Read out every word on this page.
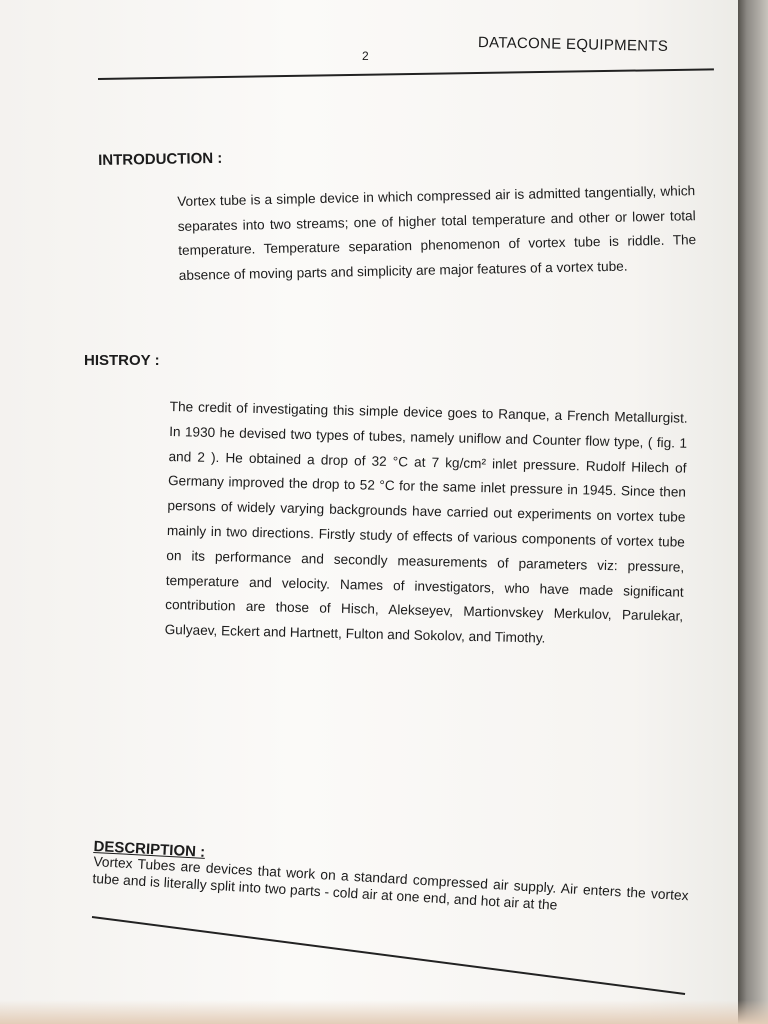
DATACONE EQUIPMENTS
2
INTRODUCTION :

Vortex tube is a simple device in which compressed air is admitted tangentially, which separates into two streams; one of higher total temperature and other or lower total temperature. Temperature separation phenomenon of vortex tube is riddle. The absence of moving parts and simplicity are major features of a vortex tube.

HISTROY :

The credit of investigating this simple device goes to Ranque, a French Metallurgist. In 1930 he devised two types of tubes, namely uniflow and Counter flow type, ( fig. 1 and 2 ). He obtained a drop of 32 °C at 7 kg/cm² inlet pressure. Rudolf Hilech of Germany improved the drop to 52 °C for the same inlet pressure in 1945. Since then persons of widely varying backgrounds have carried out experiments on vortex tube mainly in two directions. Firstly study of effects of various components of vortex tube on its performance and secondly measurements of parameters viz: pressure, temperature and velocity. Names of investigators, who have made significant contribution are those of Hisch, Alekseyev, Martionvskey Merkulov, Parulekar, Gulyaev, Eckert and Hartnett, Fulton and Sokolov, and Timothy.

DESCRIPTION :

Vortex Tubes are devices that work on a standard compressed air supply. Air enters the vortex tube and is literally split into two parts - cold air at one end, and hot air at the
